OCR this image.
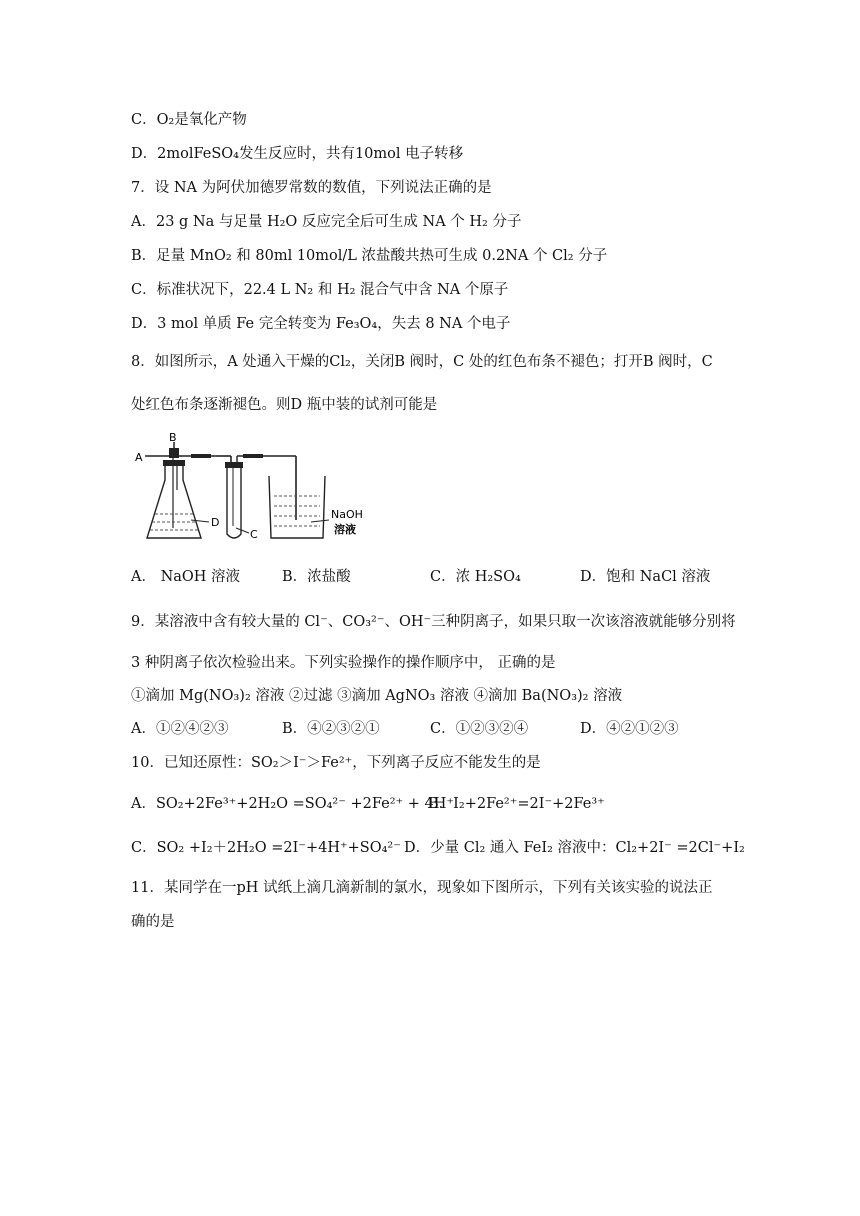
C．O₂是氧化产物
D．2molFeSO₄发生反应时，共有10mol 电子转移
7．设 NA 为阿伏加德罗常数的数值，下列说法正确的是
A．23 g Na 与足量 H₂O 反应完全后可生成 NA 个 H₂ 分子
B．足量 MnO₂ 和 80ml 10mol/L 浓盐酸共热可生成 0.2NA 个 Cl₂ 分子
C．标准状况下，22.4 L N₂ 和 H₂ 混合气中含 NA 个原子
D．3 mol 单质 Fe 完全转变为 Fe₃O₄，失去 8 NA 个电子
8．如图所示，A 处通入干燥的Cl₂，关闭B 阀时，C 处的红色布条不褪色；打开B 阀时，C
处红色布条逐渐褪色。则D 瓶中装的试剂可能是
B
A
D
C
NaOH
溶液
A． NaOH 溶液	B．浓盐酸	C．浓 H₂SO₄	D．饱和 NaCl 溶液
9．某溶液中含有较大量的 Cl⁻、CO₃²⁻、OH⁻三种阴离子，如果只取一次该溶液就能够分别将
3 种阴离子依次检验出来。下列实验操作的操作顺序中， 正确的是
①滴加 Mg(NO₃)₂ 溶液 ②过滤 ③滴加 AgNO₃ 溶液 ④滴加 Ba(NO₃)₂ 溶液
A．①②④②③	B．④②③②①	C．①②③②④	D．④②①②③
10．已知还原性：SO₂＞I⁻＞Fe²⁺，下列离子反应不能发生的是
A．SO₂+2Fe³⁺+2H₂O =SO₄²⁻ +2Fe²⁺ + 4H⁺
B．I₂+2Fe²⁺=2I⁻+2Fe³⁺
C．SO₂ +I₂＋2H₂O =2I⁻+4H⁺+SO₄²⁻ D．少量 Cl₂ 通入 FeI₂ 溶液中：Cl₂+2I⁻ =2Cl⁻+I₂
11．某同学在一pH 试纸上滴几滴新制的氯水，现象如下图所示，下列有关该实验的说法正
确的是
